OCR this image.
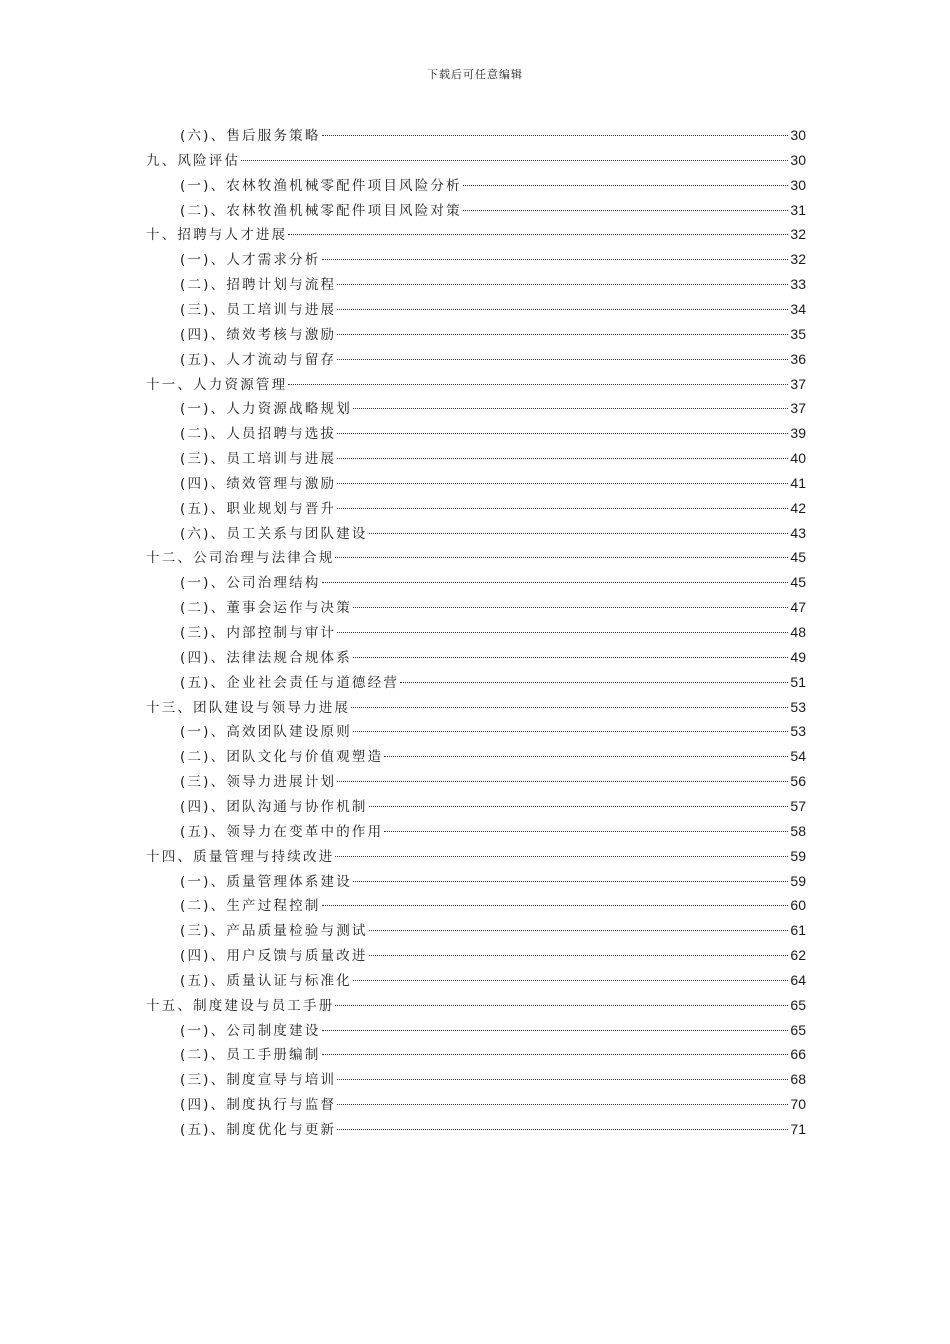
下载后可任意编辑
(六)、售后服务策略	30
九、风险评估	30
(一)、农林牧渔机械零配件项目风险分析	30
(二)、农林牧渔机械零配件项目风险对策	31
十、招聘与人才进展	32
(一)、人才需求分析	32
(二)、招聘计划与流程	33
(三)、员工培训与进展	34
(四)、绩效考核与激励	35
(五)、人才流动与留存	36
十一、人力资源管理	37
(一)、人力资源战略规划	37
(二)、人员招聘与选拔	39
(三)、员工培训与进展	40
(四)、绩效管理与激励	41
(五)、职业规划与晋升	42
(六)、员工关系与团队建设	43
十二、公司治理与法律合规	45
(一)、公司治理结构	45
(二)、董事会运作与决策	47
(三)、内部控制与审计	48
(四)、法律法规合规体系	49
(五)、企业社会责任与道德经营	51
十三、团队建设与领导力进展	53
(一)、高效团队建设原则	53
(二)、团队文化与价值观塑造	54
(三)、领导力进展计划	56
(四)、团队沟通与协作机制	57
(五)、领导力在变革中的作用	58
十四、质量管理与持续改进	59
(一)、质量管理体系建设	59
(二)、生产过程控制	60
(三)、产品质量检验与测试	61
(四)、用户反馈与质量改进	62
(五)、质量认证与标准化	64
十五、制度建设与员工手册	65
(一)、公司制度建设	65
(二)、员工手册编制	66
(三)、制度宣导与培训	68
(四)、制度执行与监督	70
(五)、制度优化与更新	71
